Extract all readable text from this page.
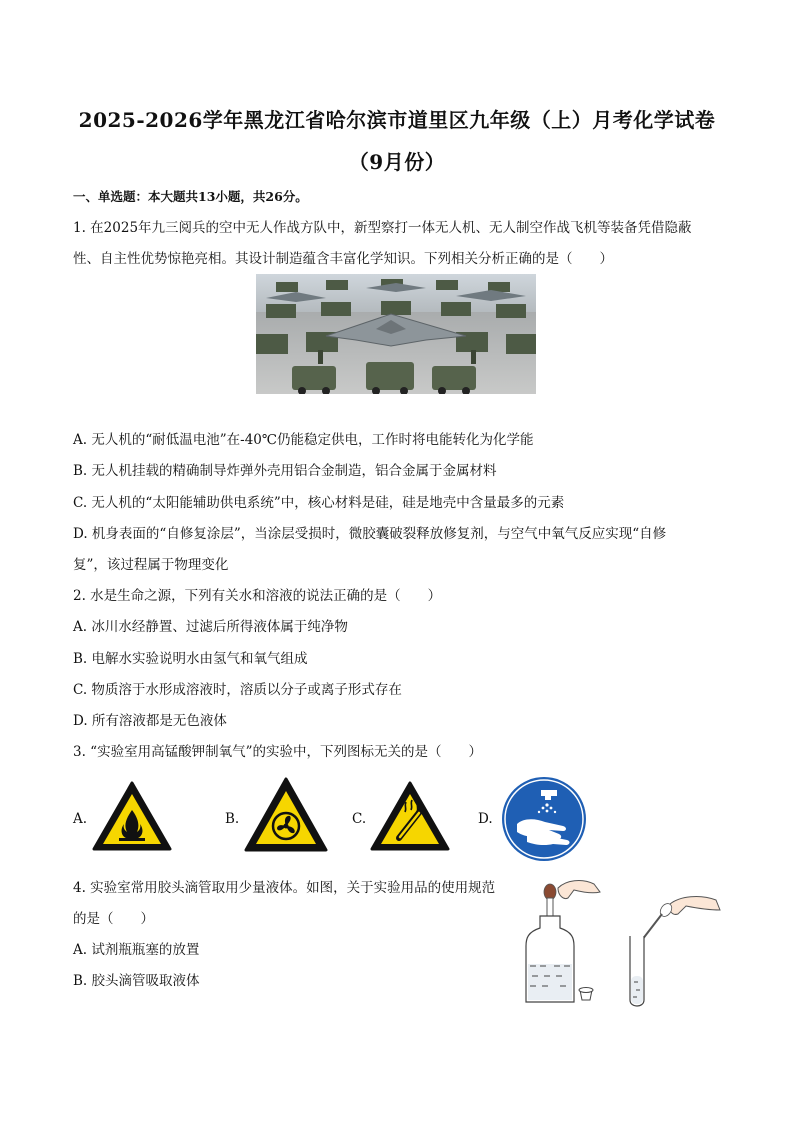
2025-2026学年黑龙江省哈尔滨市道里区九年级（上）月考化学试卷
（9月份）
一、单选题：本大题共13小题，共26分。
1. 在2025年九三阅兵的空中无人作战方队中，新型察打一体无人机、无人制空作战飞机等装备凭借隐蔽
性、自主性优势惊艳亮相。其设计制造蕴含丰富化学知识。下列相关分析正确的是（　　）
A. 无人机的“耐低温电池”在-40℃仍能稳定供电，工作时将电能转化为化学能
B. 无人机挂载的精确制导炸弹外壳用铝合金制造，铝合金属于金属材料
C. 无人机的“太阳能辅助供电系统”中，核心材料是硅，硅是地壳中含量最多的元素
D. 机身表面的“自修复涂层”，当涂层受损时，微胶囊破裂释放修复剂，与空气中氧气反应实现“自修
复”，该过程属于物理变化
2. 水是生命之源，下列有关水和溶液的说法正确的是（　　）
A. 冰川水经静置、过滤后所得液体属于纯净物
B. 电解水实验说明水由氢气和氧气组成
C. 物质溶于水形成溶液时，溶质以分子或离子形式存在
D. 所有溶液都是无色液体
3. “实验室用高锰酸钾制氧气”的实验中，下列图标无关的是（　　）
A.	B.	C.	D.
4. 实验室常用胶头滴管取用少量液体。如图，关于实验用品的使用规范
的是（　　）
A. 试剂瓶瓶塞的放置
B. 胶头滴管吸取液体
